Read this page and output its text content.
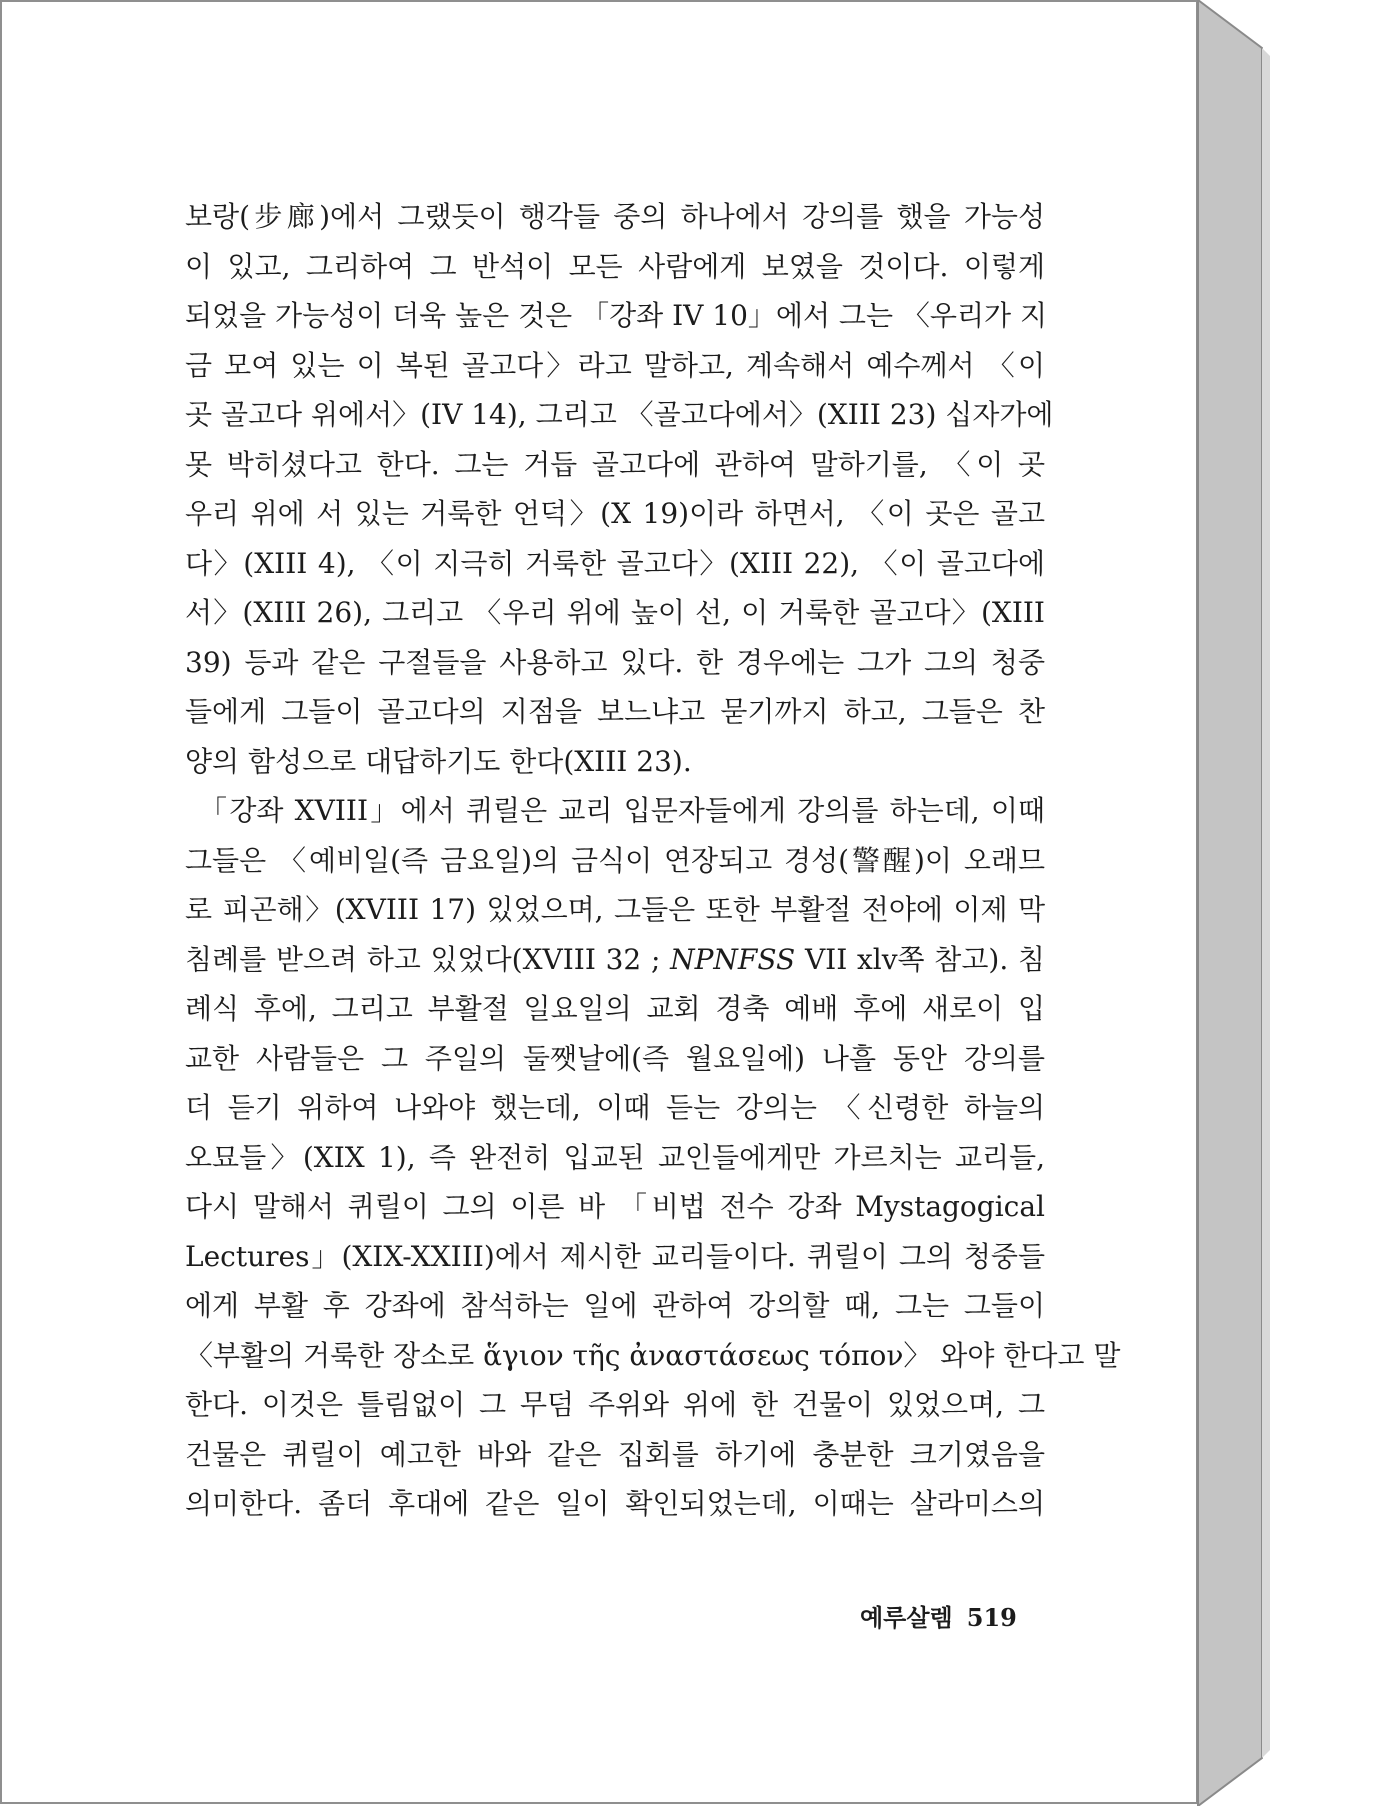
보랑(步廊)에서 그랬듯이 행각들 중의 하나에서 강의를 했을 가능성
이 있고, 그리하여 그 반석이 모든 사람에게 보였을 것이다. 이렇게
되었을 가능성이 더욱 높은 것은 「강좌 IV 10」에서 그는 〈우리가 지
금 모여 있는 이 복된 골고다〉라고 말하고, 계속해서 예수께서 〈이
곳 골고다 위에서〉(IV 14), 그리고 〈골고다에서〉(XIII 23) 십자가에
못 박히셨다고 한다. 그는 거듭 골고다에 관하여 말하기를, 〈이 곳
우리 위에 서 있는 거룩한 언덕〉(X 19)이라 하면서, 〈이 곳은 골고
다〉(XIII 4), 〈이 지극히 거룩한 골고다〉(XIII 22), 〈이 골고다에
서〉(XIII 26), 그리고 〈우리 위에 높이 선, 이 거룩한 골고다〉(XIII
39) 등과 같은 구절들을 사용하고 있다. 한 경우에는 그가 그의 청중
들에게 그들이 골고다의 지점을 보느냐고 묻기까지 하고, 그들은 찬
양의 함성으로 대답하기도 한다(XIII 23).
「강좌 XVIII」에서 퀴릴은 교리 입문자들에게 강의를 하는데, 이때
그들은 〈예비일(즉 금요일)의 금식이 연장되고 경성(警醒)이 오래므
로 피곤해〉(XVIII 17) 있었으며, 그들은 또한 부활절 전야에 이제 막
침례를 받으려 하고 있었다(XVIII 32 ; NPNFSS VII xlv쪽 참고). 침
례식 후에, 그리고 부활절 일요일의 교회 경축 예배 후에 새로이 입
교한 사람들은 그 주일의 둘쨋날에(즉 월요일에) 나흘 동안 강의를
더 듣기 위하여 나와야 했는데, 이때 듣는 강의는 〈신령한 하늘의
오묘들〉(XIX 1), 즉 완전히 입교된 교인들에게만 가르치는 교리들,
다시 말해서 퀴릴이 그의 이른 바 「비법 전수 강좌 Mystagogical
Lectures」(XIX-XXIII)에서 제시한 교리들이다. 퀴릴이 그의 청중들
에게 부활 후 강좌에 참석하는 일에 관하여 강의할 때, 그는 그들이
〈부활의 거룩한 장소로 ἅγιον τῆς ἀναστάσεως τόπον〉 와야 한다고 말
한다. 이것은 틀림없이 그 무덤 주위와 위에 한 건물이 있었으며, 그
건물은 퀴릴이 예고한 바와 같은 집회를 하기에 충분한 크기였음을
의미한다. 좀더 후대에 같은 일이 확인되었는데, 이때는 살라미스의
예루살렘 519
